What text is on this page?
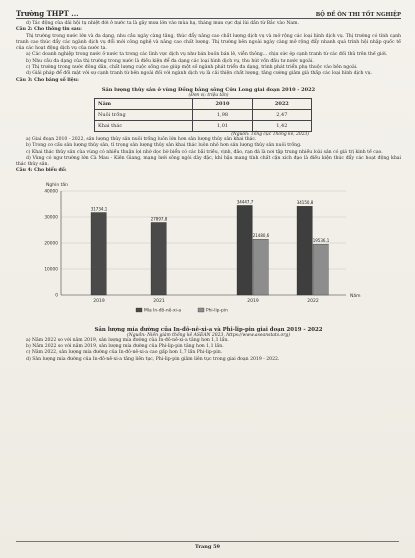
Trường THPT ...	BỘ ĐỀ ÔN THI TỐT NGHIỆP

d) Tác động của dải hội tụ nhiệt đới ở nước ta là gây mưa lớn vào mùa hạ, tháng mưa cực đại lùi dần từ Bắc vào Nam.

Câu 2: Cho thông tin sau:

Thị trường trong nước lớn và đa dạng, nhu cầu ngày càng tăng, thúc đẩy nâng cao chất lượng dịch vụ và mở rộng các loại hình dịch vụ. Thị trường có tính cạnh tranh cao thúc đẩy các ngành dịch vụ đổi mới công nghệ và nâng cao chất lượng. Thị trường bên ngoài ngày càng mở rộng đẩy nhanh quá trình hội nhập quốc tế của các hoạt động dịch vụ của nước ta.

a) Các doanh nghiệp trong nước ở nước ta trong các lĩnh vực dịch vụ như bán buôn bán lẻ, viễn thông... chịu sức ép cạnh tranh từ các đối thủ trên thế giới.

b) Nhu cầu đa dạng của thị trường trong nước là điều kiện để đa dạng các loại hình dịch vụ, thu hút vốn đầu tư nước ngoài.

c) Thị trường trong nước đông dân, chất lượng cuộc sống cao giúp một số ngành phát triển đa dạng, trình phát triển phụ thuộc vào bên ngoài.

d) Giải pháp để đối mặt với sự cạnh tranh từ bên ngoài đối với ngành dịch vụ là cải thiện chất lượng, tăng cường giảm giá thấp các loại hình dịch vụ.

Câu 3: Cho bảng số liệu:

Sản lượng thủy sản ở vùng Đồng bằng sông Cửu Long giai đoạn 2010 - 2022
(Đơn vị: triệu tấn)
Năm	2010	2022
Nuôi trồng	1,98	2,47
Khai thác	1,01	1,42
(Nguồn: Tổng cục Thống kê, 2023)

a) Giai đoạn 2010 - 2022, sản lượng thủy sản nuôi trồng luôn lớn hơn sản lượng thủy sản khai thác.

b) Trong cơ cấu sản lượng thủy sản, tỉ trọng sản lượng thủy sản khai thác luôn nhỏ hơn sản lượng thủy sản nuôi trồng.

c) Khai thác thủy sản của vùng có nhiều thuận lợi nhờ dọc bờ biển có các bãi triều, vịnh, đảo, rạn đá là nơi tập trung nhiều loài sản có giá trị kinh tế cao.

d) Vùng có ngư trường lớn Cà Mau - Kiên Giang, mạng lưới sông ngòi dày đặc, khí hậu mang tính chất cận xích đạo là điều kiện thúc đẩy các hoạt động khai thác thủy sản.

Câu 4: Cho biểu đồ:

Nghìn tấn
0
10000
20000
30000
40000
31734,1
2019
27897,8
2021
34447,7
21480,6
2019
34150,8
19536,1
2022
Năm
Mía In-đô-nê-xi-a	Phi-lip-pin
Sản lượng mía đường của In-đô-nê-xi-a và Phi-lip-pin giai đoạn 2019 - 2022
(Nguồn: Niên giám thống kê ASEAN 2023, https://www.aseanstats.org)

a) Năm 2022 so với năm 2019, sản lượng mía đường của In-đô-nê-xi-a tăng hơn 1,1 lần.

b) Năm 2022 so với năm 2019, sản lượng mía đường của Phi-lip-pin tăng hơn 1,1 lần.

c) Năm 2022, sản lượng mía đường của In-đô-nê-xi-a cao gấp hơn 1,7 lần Phi-lip-pin.

d) Sản lượng mía đường của In-đô-nê-xi-a tăng liên tục, Phi-lip-pin giảm liên tục trong giai đoạn 2019 - 2022.

Trang 59
